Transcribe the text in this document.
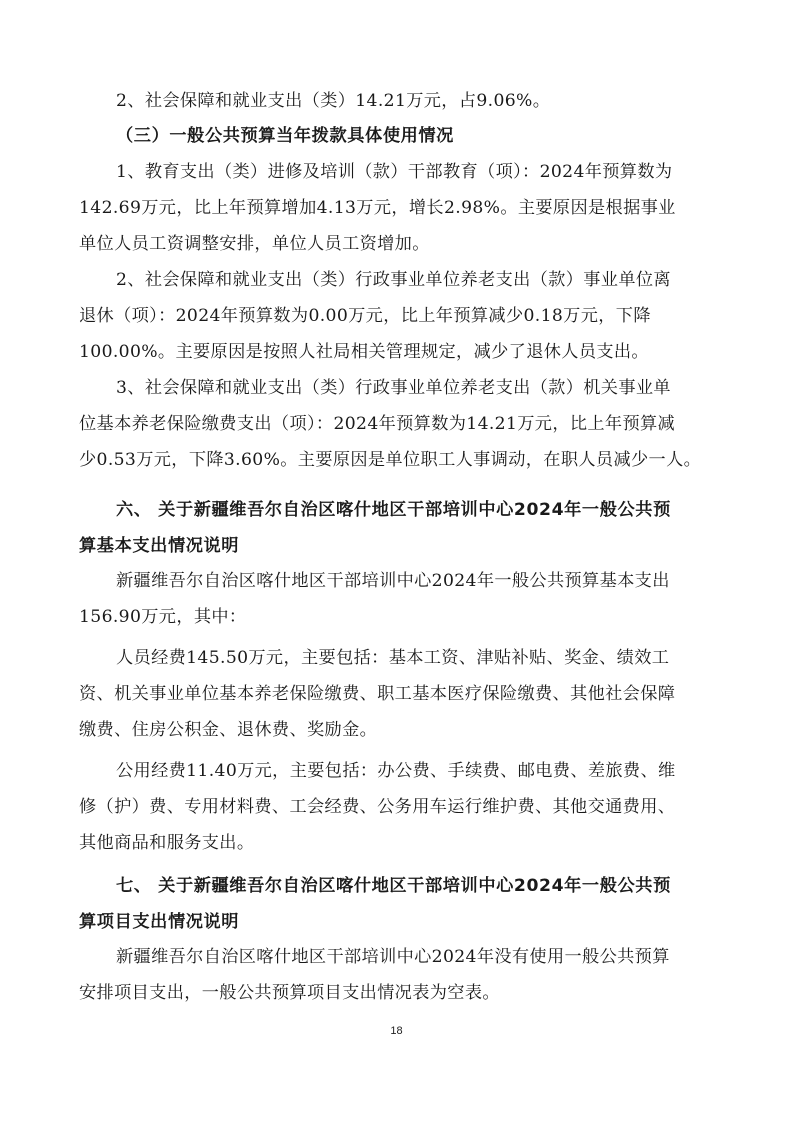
2、社会保障和就业支出（类）14.21万元，占9.06%。
（三）一般公共预算当年拨款具体使用情况
1、教育支出（类）进修及培训（款）干部教育（项）：2024年预算数为
142.69万元，比上年预算增加4.13万元，增长2.98%。主要原因是根据事业
单位人员工资调整安排，单位人员工资增加。
2、社会保障和就业支出（类）行政事业单位养老支出（款）事业单位离
退休（项）：2024年预算数为0.00万元，比上年预算减少0.18万元，下降
100.00%。主要原因是按照人社局相关管理规定，减少了退休人员支出。
3、社会保障和就业支出（类）行政事业单位养老支出（款）机关事业单
位基本养老保险缴费支出（项）：2024年预算数为14.21万元，比上年预算减
少0.53万元，下降3.60%。主要原因是单位职工人事调动，在职人员减少一人。
六、 关于新疆维吾尔自治区喀什地区干部培训中心2024年一般公共预
算基本支出情况说明
新疆维吾尔自治区喀什地区干部培训中心2024年一般公共预算基本支出
156.90万元，其中：
人员经费145.50万元，主要包括：基本工资、津贴补贴、奖金、绩效工
资、机关事业单位基本养老保险缴费、职工基本医疗保险缴费、其他社会保障
缴费、住房公积金、退休费、奖励金。
公用经费11.40万元，主要包括：办公费、手续费、邮电费、差旅费、维
修（护）费、专用材料费、工会经费、公务用车运行维护费、其他交通费用、
其他商品和服务支出。
七、 关于新疆维吾尔自治区喀什地区干部培训中心2024年一般公共预
算项目支出情况说明
新疆维吾尔自治区喀什地区干部培训中心2024年没有使用一般公共预算
安排项目支出，一般公共预算项目支出情况表为空表。
18
